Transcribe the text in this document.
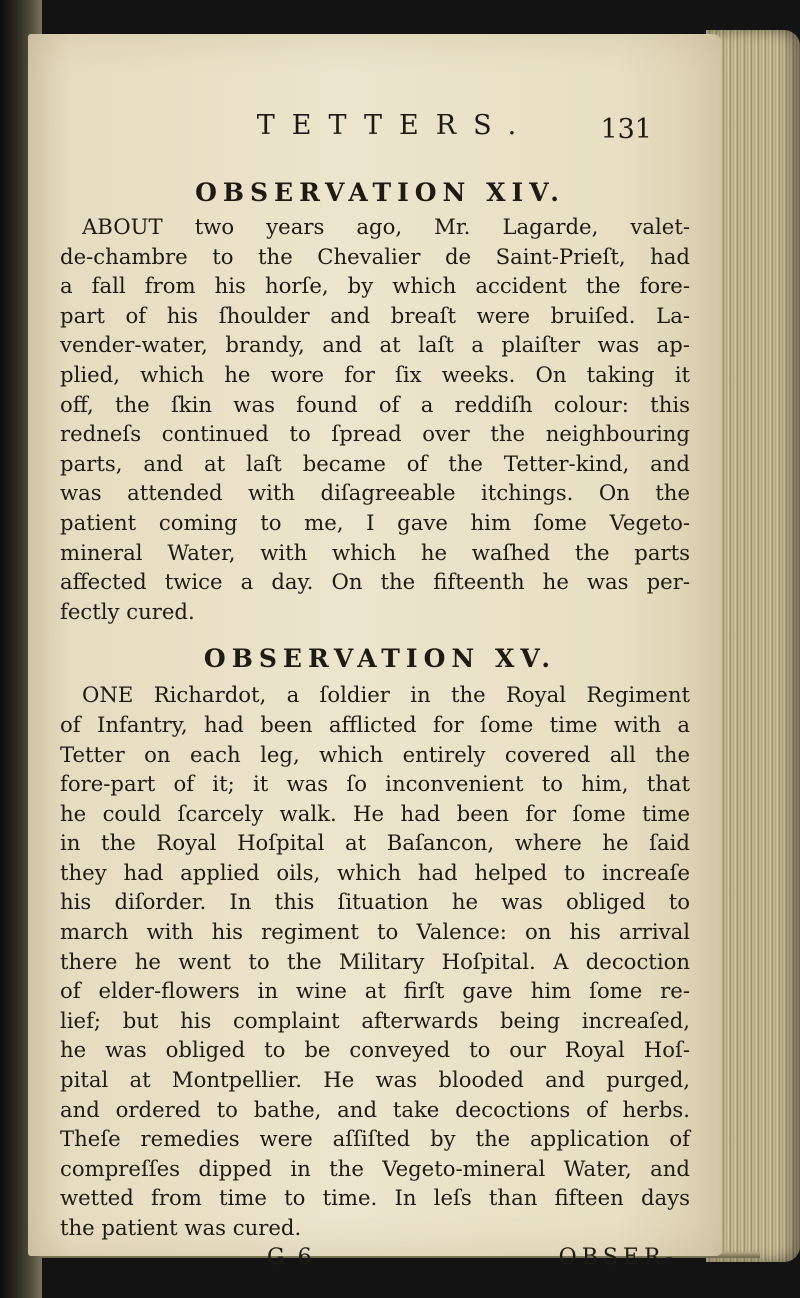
TETTERS. 131
OBSERVATION XIV.
ABOUT two years ago, Mr. Lagarde, valet-
de-chambre to the Chevalier de Saint-Prieſt, had
a fall from his horſe, by which accident the fore-
part of his ſhoulder and breaſt were bruiſed. La-
vender-water, brandy, and at laſt a plaiſter was ap-
plied, which he wore for ſix weeks. On taking it
off, the ſkin was found of a reddiſh colour: this
redneſs continued to ſpread over the neighbouring
parts, and at laſt became of the Tetter-kind, and
was attended with diſagreeable itchings. On the
patient coming to me, I gave him ſome Vegeto-
mineral Water, with which he waſhed the parts
affected twice a day. On the fifteenth he was per-
fectly cured.
OBSERVATION XV.
ONE Richardot, a ſoldier in the Royal Regiment
of Infantry, had been afflicted for ſome time with a
Tetter on each leg, which entirely covered all the
fore-part of it; it was ſo inconvenient to him, that
he could ſcarcely walk. He had been for ſome time
in the Royal Hoſpital at Baſancon, where he ſaid
they had applied oils, which had helped to increaſe
his diſorder. In this ſituation he was obliged to
march with his regiment to Valence: on his arrival
there he went to the Military Hoſpital. A decoction
of elder-flowers in wine at firſt gave him ſome re-
lief; but his complaint afterwards being increaſed,
he was obliged to be conveyed to our Royal Hoſ-
pital at Montpellier. He was blooded and purged,
and ordered to bathe, and take decoctions of herbs.
Theſe remedies were aſſiſted by the application of
compreſſes dipped in the Vegeto-mineral Water, and
wetted from time to time. In leſs than fifteen days
the patient was cured.
G 6	OBSER-
